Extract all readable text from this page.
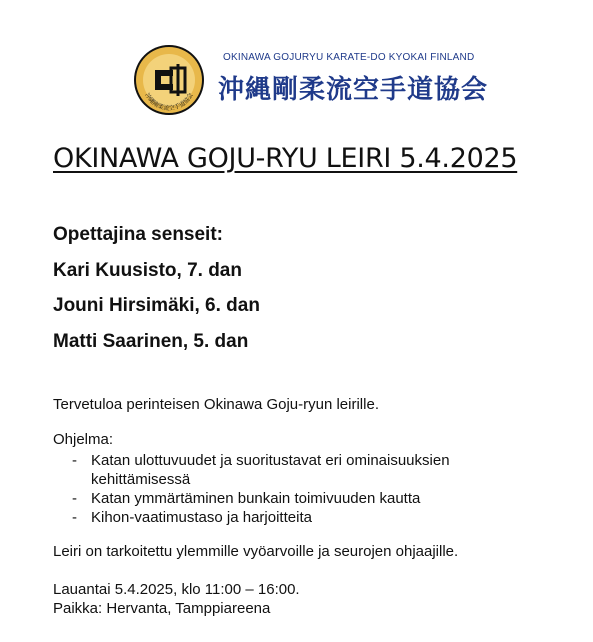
沖縄剛柔流空手道協会
OKINAWA GOJURYU KARATE-DO KYOKAI FINLAND
沖縄剛柔流空手道協会
OKINAWA GOJU-RYU LEIRI 5.4.2025
Opettajina senseit:
Kari Kuusisto, 7. dan
Jouni Hirsimäki, 6. dan
Matti Saarinen, 5. dan
Tervetuloa perinteisen Okinawa Goju-ryun leirille.
Ohjelma:
- Katan ulottuvuudet ja suoritustavat eri ominaisuuksien
kehittämisessä
- Katan ymmärtäminen bunkain toimivuuden kautta
- Kihon-vaatimustaso ja harjoitteita
Leiri on tarkoitettu ylemmille vyöarvoille ja seurojen ohjaajille.
Lauantai 5.4.2025, klo 11:00 – 16:00.
Paikka: Hervanta, Tamppiareena
